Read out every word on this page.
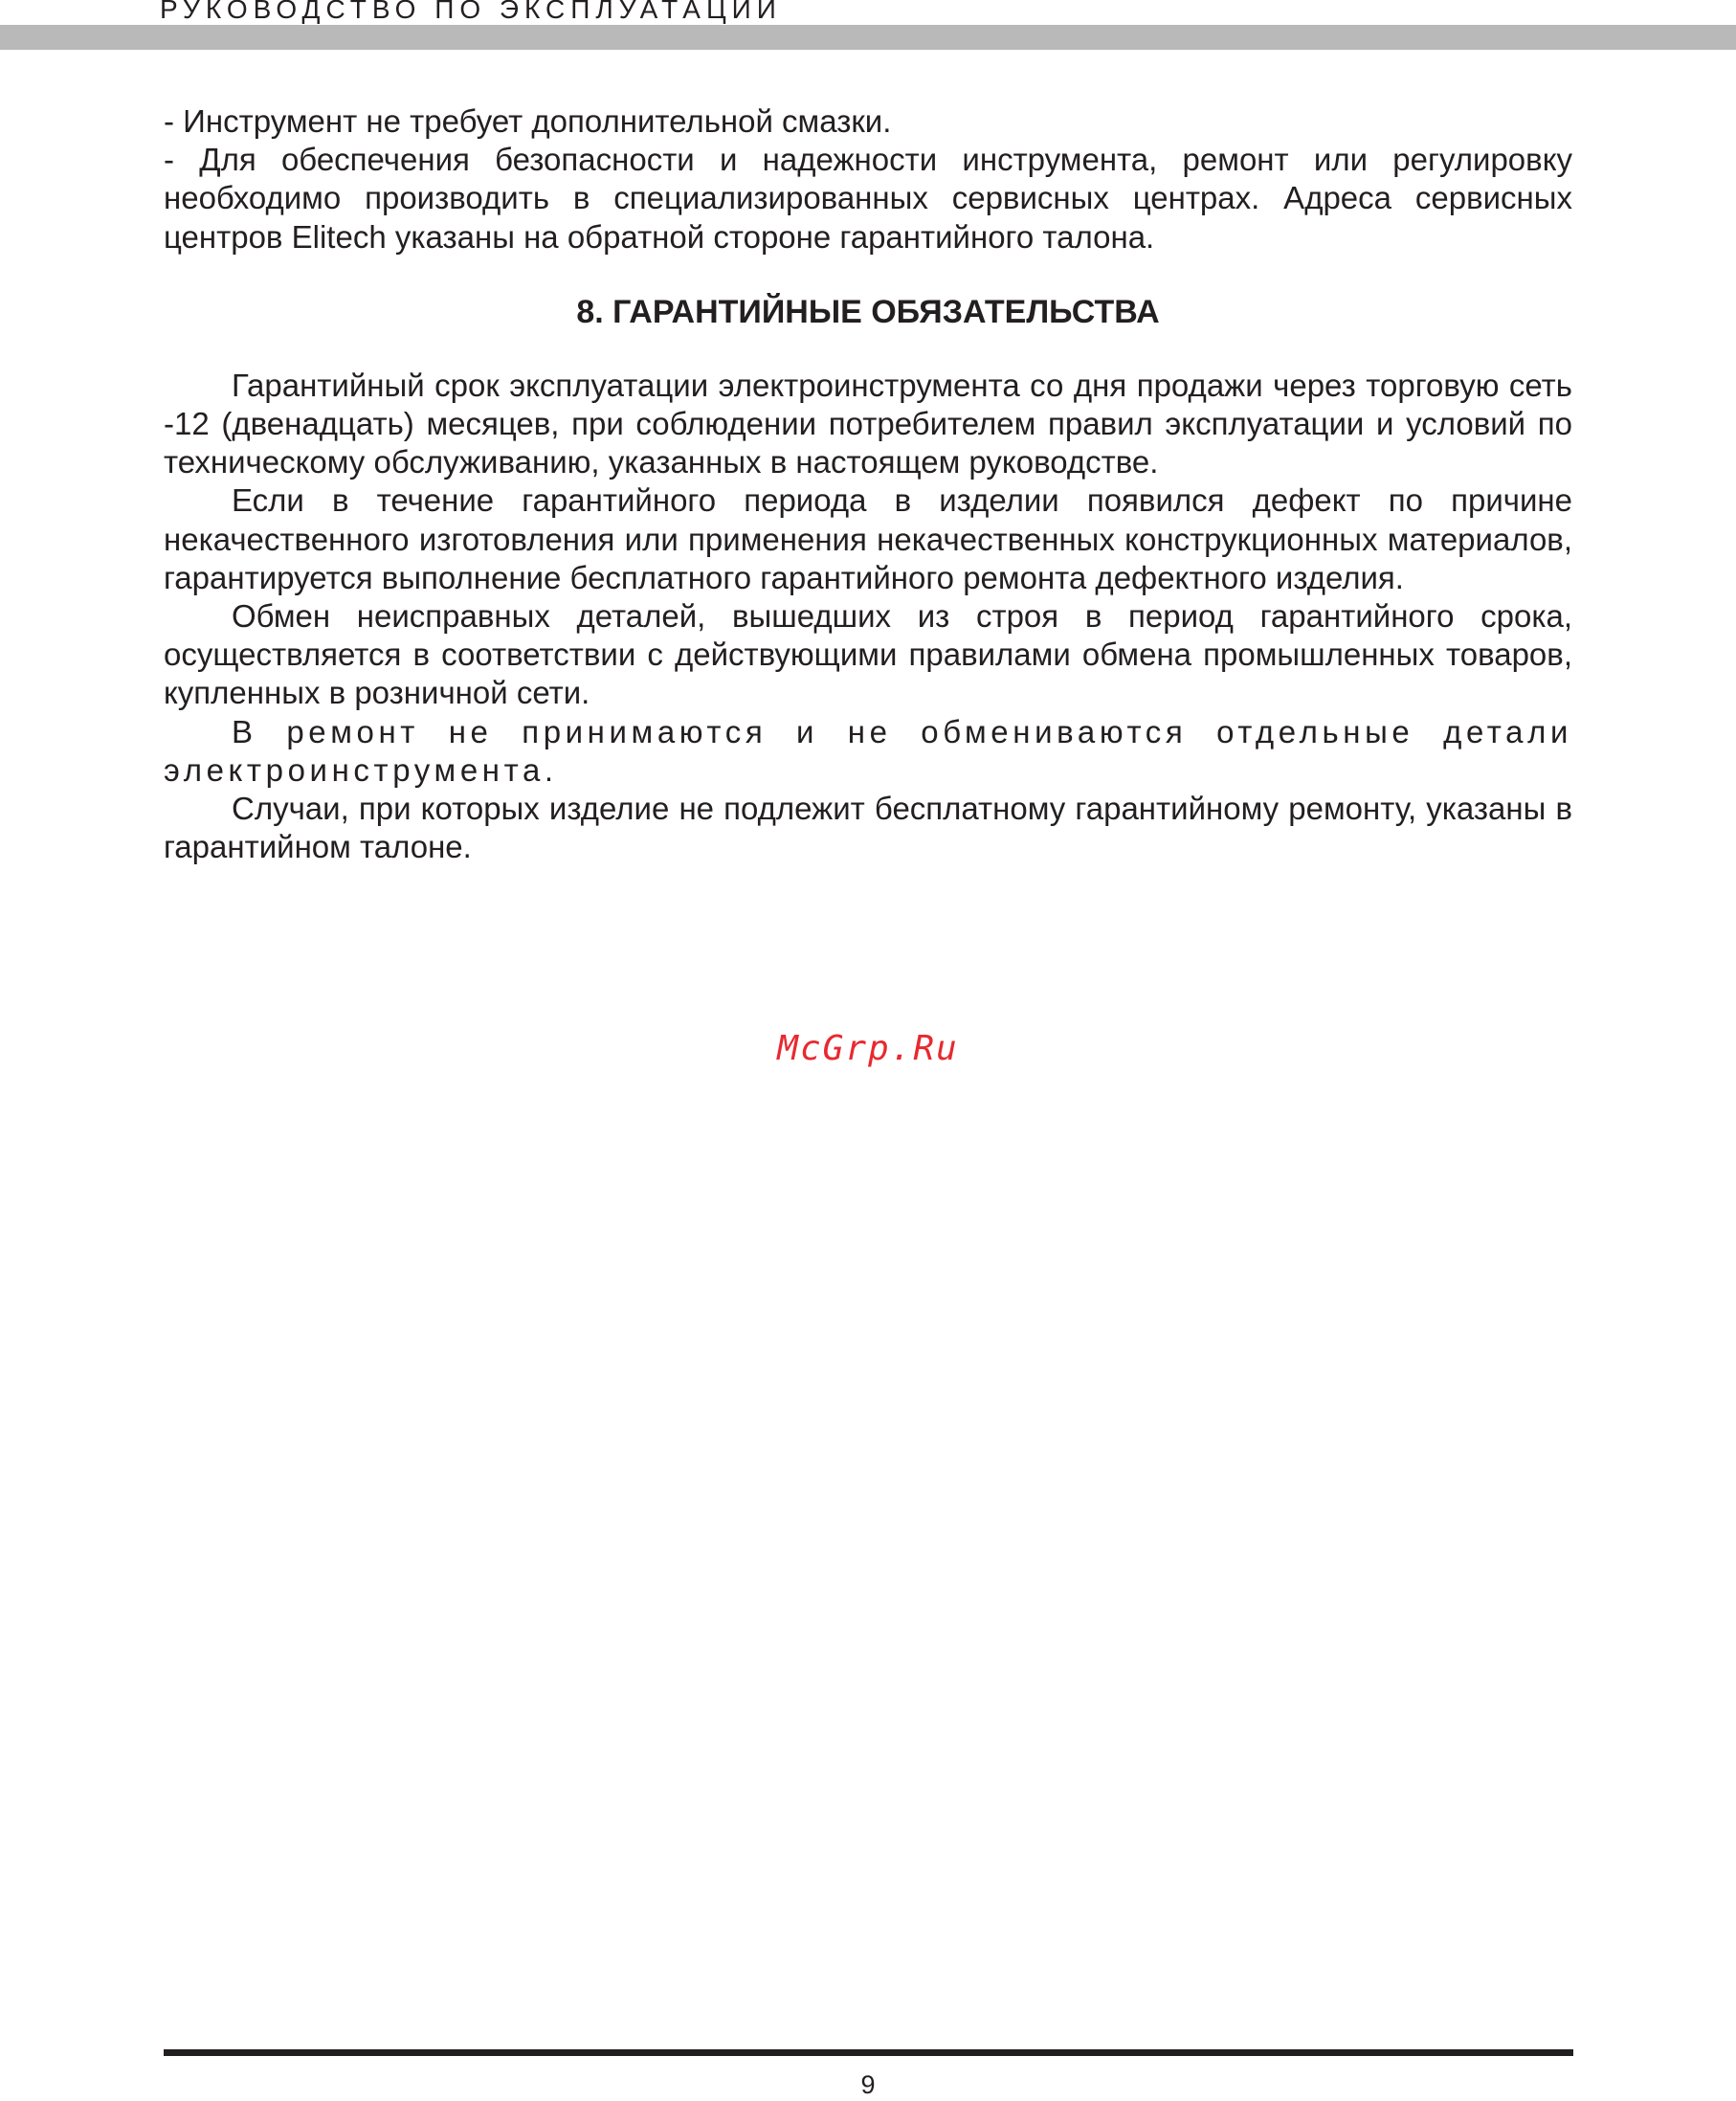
РУКОВОДСТВО ПО ЭКСПЛУАТАЦИИ

- Инструмент не требует дополнительной смазки.

- Для обеспечения безопасности и надежности инструмента, ремонт или регулировку необходимо производить в специализированных сервисных центрах. Адреса сервисных центров Elitech указаны на обратной стороне гарантийного талона.

8. ГАРАНТИЙНЫЕ ОБЯЗАТЕЛЬСТВА

Гарантийный срок эксплуатации электроинструмента со дня продажи через торговую сеть -12 (двенадцать) месяцев, при соблюдении потребителем правил эксплуатации и условий по техническому обслуживанию, указанных в настоящем руководстве.

Если в течение гарантийного периода в изделии появился дефект по причине некачественного изготовления или применения некачественных конструкционных материалов, гарантируется выполнение бесплатного гарантийного ремонта дефектного изделия.

Обмен неисправных деталей, вышедших из строя в период гарантийного срока, осуществляется в соответствии с действующими правилами обмена промышленных товаров, купленных в розничной сети.

В ремонт не принимаются и не обмениваются отдельные детали электроинструмента.

Случаи, при которых изделие не подлежит бесплатному гарантийному ремонту, указаны в гарантийном талоне.

McGrp.Ru
9
